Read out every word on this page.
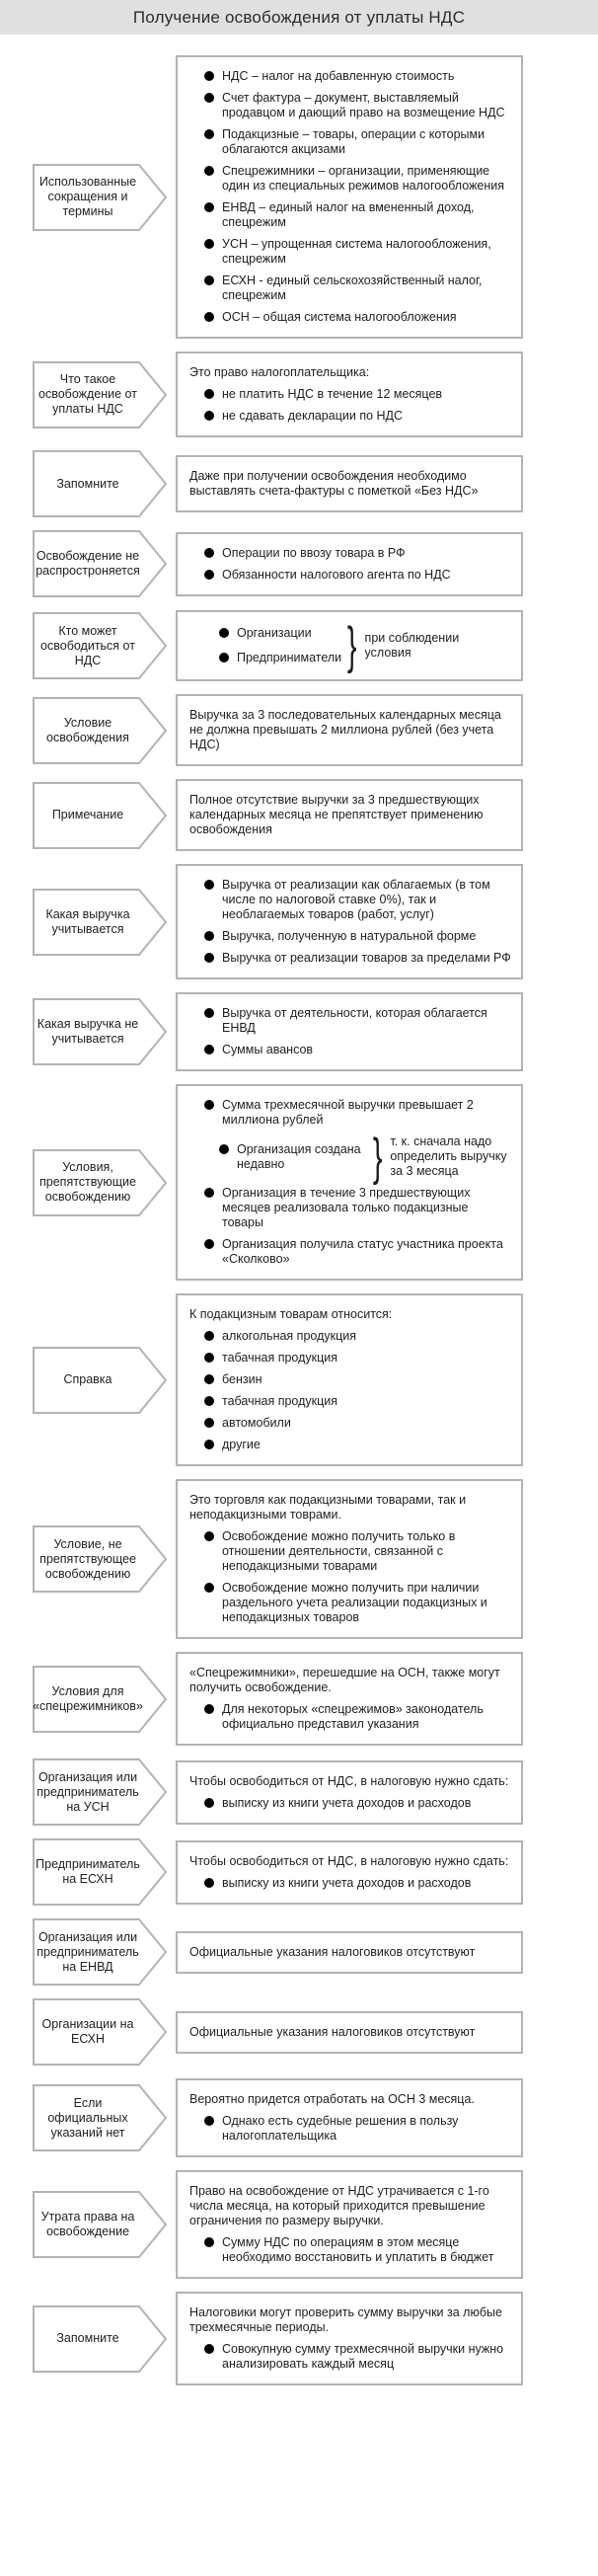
Получение освобождения от уплаты НДС
Использованные сокращения и термины
НДС – налог на добавленную стоимость
Счет фактура – документ, выставляемый продавцом и дающий право на возмещение НДС
Подакцизные – товары, операции с которыми облагаются акцизами
Спецрежимники – организации, применяющие один из специальных режимов налогообложения
ЕНВД – единый налог на вмененный доход, спецрежим
УСН – упрощенная система налогообложения, спецрежим
ЕСХН - единый сельскохозяйственный налог, спецрежим
ОСН – общая система налогообложения
Что такое освобождение от уплаты НДС
Это право налогоплательщика:
не платить НДС в течение 12 месяцев
не сдавать декларации по НДС
Запомните
Даже при получении освобождения необходимо выставлять счета-фактуры с пометкой «Без НДС»
Освобождение не распростроняется
Операции по ввозу товара в РФ
Обязанности налогового агента по НДС
Кто может освободиться от НДС
Организации
Предприниматели } при соблюдении условия
Условие освобождения
Выручка за 3 последовательных календарных месяца не должна превышать 2 миллиона рублей (без учета НДС)
Примечание
Полное отсутствие выручки за 3 предшествующих календарных месяца не препятствует применению освобождения
Какая выручка учитывается
Выручка от реализации как облагаемых (в том числе по налоговой ставке 0%), так и необлагаемых товаров (работ, услуг)
Выручка, полученную в натуральной форме
Выручка от реализации товаров за пределами РФ
Какая выручка не учитывается
Выручка от деятельности, которая облагается ЕНВД
Суммы авансов
Условия, препятствующие освобождению
Сумма трехмесячной выручки превышает 2 миллиона рублей
Организация создана недавно	} т. к. сначала надо определить выручку за 3 месяца
Организация в течение 3 предшествующих месяцев реализовала только подакцизные товары
Организация получила статус участника проекта «Сколково»
Справка
К подакцизным товарам относится:
алкогольная продукция
табачная продукция
бензин
табачная продукция
автомобили
другие
Условие, не препятствующее освобождению
Это торговля как подакцизными товарами, так и неподакцизными товрами.
Освобождение можно получить только в отношении деятельности, связанной с неподакцизными товарами
Освобождение можно получить при наличии раздельного учета реализации подакцизных и неподакцизных товаров
Условия для «спецрежимников»
«Спецрежимники», перешедшие на ОСН, также могут получить освобождение.
Для некоторых «спецрежимов» законодатель официально представил указания
Организация или предприниматель на УСН
Чтобы освободиться от НДС, в налоговую нужно сдать:
выписку из книги учета доходов и расходов
Предприниматель на ЕСХН
Чтобы освободиться от НДС, в налоговую нужно сдать:
выписку из книги учета доходов и расходов
Организация или предприниматель на ЕНВД
Официальные указания налоговиков отсутствуют
Организации на ЕСХН
Официальные указания налоговиков отсутствуют
Если официальных указаний нет
Вероятно придется отработать на ОСН 3 месяца.
Однако есть судебные решения в пользу налогоплательщика
Утрата права на освобождение
Право на освобождение от НДС утрачивается с 1-го числа месяца, на который приходится превышение ограничения по размеру выручки.
Сумму НДС по операциям в этом месяце необходимо восстановить и уплатить в бюджет
Запомните
Налоговики могут проверить сумму выручки за любые трехмесячные периоды.
Совокупную сумму трехмесячной выручки нужно анализировать каждый месяц
